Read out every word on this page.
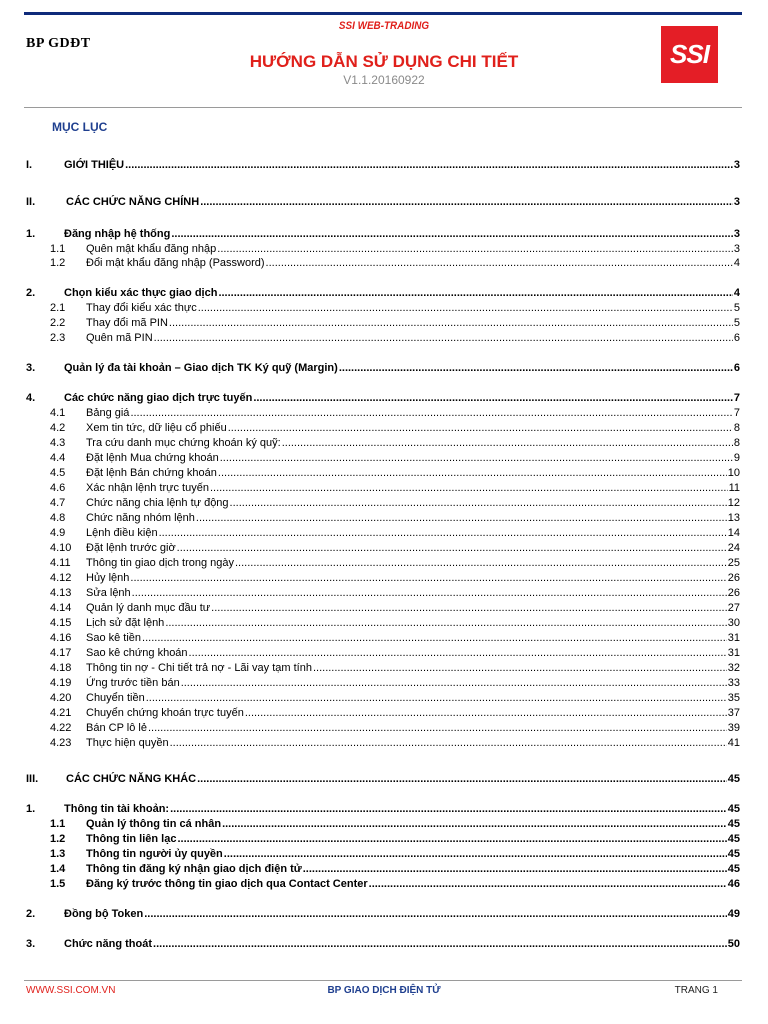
SSI WEB-TRADING
BP GDĐT
HƯỚNG DẪN SỬ DỤNG CHI TIẾT
V1.1.20160922
SSI
MỤC LỤC
I.	GIỚI THIỆU .....	3
II.	CÁC CHỨC NĂNG CHÍNH .....	3
1.	Đăng nhập hệ thống .....	3
1.1	Quên mật khẩu đăng nhập .....	3
1.2	Đổi mật khẩu đăng nhập (Password) .....	4
2.	Chọn kiểu xác thực giao dịch .....	4
2.1	Thay đổi kiểu xác thực .....	5
2.2	Thay đổi mã PIN .....	5
2.3	Quên mã PIN .....	6
3.	Quản lý đa tài khoản – Giao dịch TK Ký quỹ (Margin) .....	6
4.	Các chức năng giao dịch trực tuyến .....	7
4.1	Bảng giá .....	7
4.2	Xem tin tức, dữ liệu cổ phiếu .....	8
4.3	Tra cứu danh mục chứng khoán ký quỹ: .....	8
4.4	Đặt lệnh Mua chứng khoán .....	9
4.5	Đặt lệnh Bán chứng khoán .....	10
4.6	Xác nhận lệnh trực tuyến .....	11
4.7	Chức năng chia lệnh tự động .....	12
4.8	Chức năng nhóm lệnh .....	13
4.9	Lệnh điều kiện .....	14
4.10	Đặt lệnh trước giờ .....	24
4.11	Thông tin giao dịch trong ngày .....	25
4.12	Hủy lệnh .....	26
4.13	Sửa lệnh .....	26
4.14	Quản lý danh mục đầu tư .....	27
4.15	Lịch sử đặt lệnh .....	30
4.16	Sao kê tiền .....	31
4.17	Sao kê chứng khoán .....	31
4.18	Thông tin nợ - Chi tiết trả nợ - Lãi vay tạm tính .....	32
4.19	Ứng trước tiền bán .....	33
4.20	Chuyển tiền .....	35
4.21	Chuyển chứng khoán trực tuyến .....	37
4.22	Bán CP lô lẻ .....	39
4.23	Thực hiện quyền .....	41
III.	CÁC CHỨC NĂNG KHÁC .....	45
1.	Thông tin tài khoản: .....	45
1.1	Quản lý thông tin cá nhân .....	45
1.2	Thông tin liên lạc .....	45
1.3	Thông tin người ủy quyền .....	45
1.4	Thông tin đăng ký nhận giao dịch điện tử .....	45
1.5	Đăng ký trước thông tin giao dịch qua Contact Center .....	46
2.	Đồng bộ Token .....	49
3.	Chức năng thoát .....	50
WWW.SSI.COM.VN	BP GIAO DỊCH ĐIỆN TỬ	TRANG 1
